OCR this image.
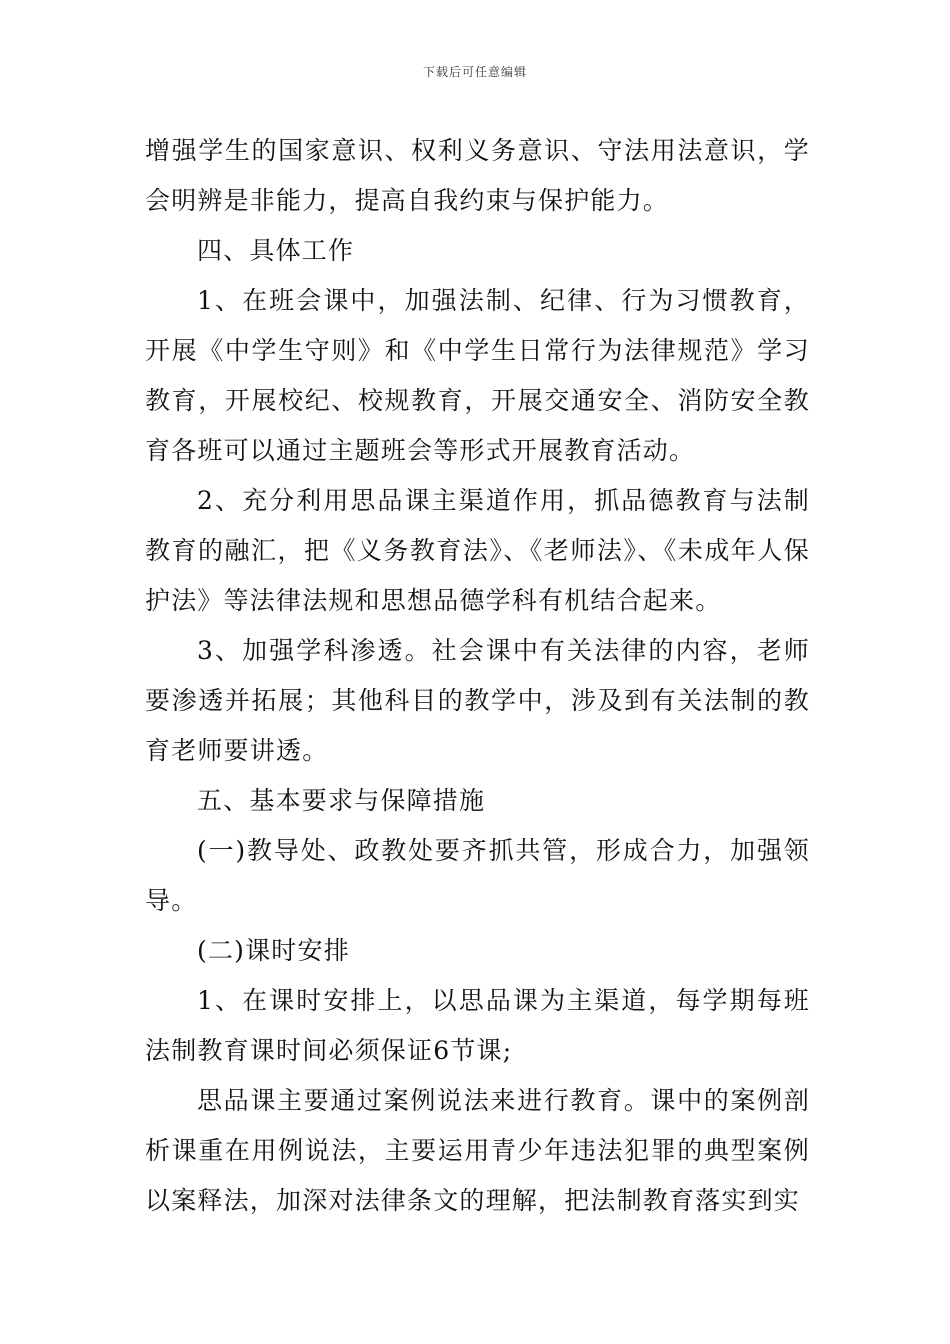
下载后可任意编辑

增强学生的国家意识、权利义务意识、守法用法意识，学会明辨是非能力，提高自我约束与保护能力。

四、具体工作

1、在班会课中，加强法制、纪律、行为习惯教育，开展《中学生守则》和《中学生日常行为法律规范》学习教育，开展校纪、校规教育，开展交通安全、消防安全教育各班可以通过主题班会等形式开展教育活动。

2、充分利用思品课主渠道作用，抓品德教育与法制教育的融汇，把《义务教育法》、《老师法》、《未成年人保护法》等法律法规和思想品德学科有机结合起来。

3、加强学科渗透。社会课中有关法律的内容，老师要渗透并拓展；其他科目的教学中，涉及到有关法制的教育老师要讲透。

五、基本要求与保障措施

(一)教导处、政教处要齐抓共管，形成合力，加强领导。

(二)课时安排

1、在课时安排上，以思品课为主渠道，每学期每班法制教育课时间必须保证6节课;

思品课主要通过案例说法来进行教育。课中的案例剖析课重在用例说法，主要运用青少年违法犯罪的典型案例以案释法，加深对法律条文的理解，把法制教育落实到实
